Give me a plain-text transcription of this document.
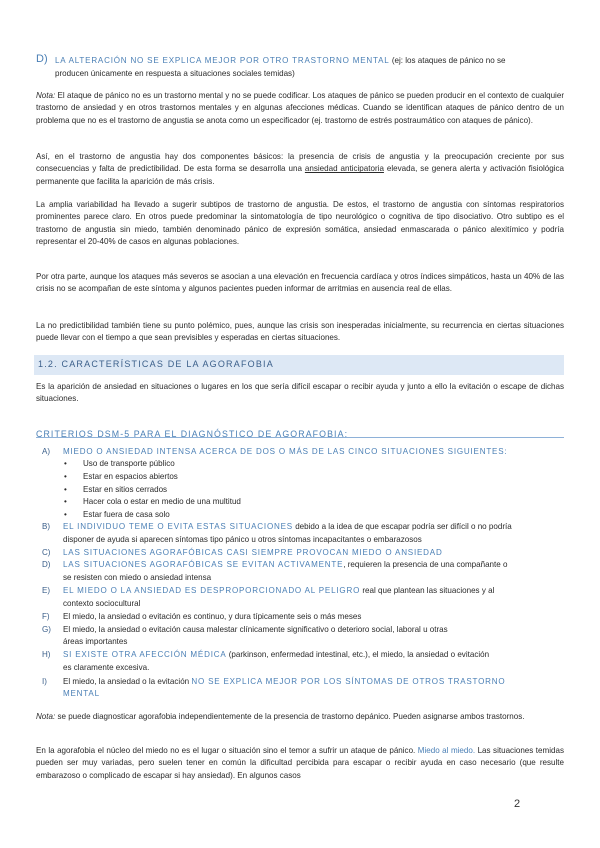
D) LA ALTERACIÓN NO SE EXPLICA MEJOR POR OTRO TRASTORNO MENTAL (ej: los ataques de pánico no se
producen únicamente en respuesta a situaciones sociales temidas)
Nota: El ataque de pánico no es un trastorno mental y no se puede codificar. Los ataques de pánico se pueden producir en el contexto de cualquier trastorno de ansiedad y en otros trastornos mentales y en algunas afecciones médicas. Cuando se identifican ataques de pánico dentro de un problema que no es el trastorno de angustia se anota como un especificador (ej. trastorno de estrés postraumático con ataques de pánico).
Así, en el trastorno de angustia hay dos componentes básicos: la presencia de crisis de angustia y la preocupación creciente por sus consecuencias y falta de predictibilidad. De esta forma se desarrolla una ansiedad anticipatoria elevada, se genera alerta y activación fisiológica permanente que facilita la aparición de más crisis.
La amplia variabilidad ha llevado a sugerir subtipos de trastorno de angustia. De estos, el trastorno de angustia con síntomas respiratorios prominentes parece claro. En otros puede predominar la sintomatología de tipo neurológico o cognitiva de tipo disociativo. Otro subtipo es el trastorno de angustia sin miedo, también denominado pánico de expresión somática, ansiedad enmascarada o pánico alexitímico y podría representar el 20-40% de casos en algunas poblaciones.
Por otra parte, aunque los ataques más severos se asocian a una elevación en frecuencia cardíaca y otros índices simpáticos, hasta un 40% de las crisis no se acompañan de este síntoma y algunos pacientes pueden informar de arritmias en ausencia real de ellas.
La no predictibilidad también tiene su punto polémico, pues, aunque las crisis son inesperadas inicialmente, su recurrencia en ciertas situaciones puede llevar con el tiempo a que sean previsibles y esperadas en ciertas situaciones.
1.2. CARACTERÍSTICAS DE LA AGORAFOBIA
Es la aparición de ansiedad en situaciones o lugares en los que sería difícil escapar o recibir ayuda y junto a ello la evitación o escape de dichas situaciones.
CRITERIOS DSM-5 PARA EL DIAGNÓSTICO DE AGORAFOBIA:
A) MIEDO O ANSIEDAD INTENSA ACERCA DE DOS O MÁS DE LAS CINCO SITUACIONES SIGUIENTES:
• Uso de transporte público
• Estar en espacios abiertos
• Estar en sitios cerrados
• Hacer cola o estar en medio de una multitud
• Estar fuera de casa solo
B) EL INDIVIDUO TEME O EVITA ESTAS SITUACIONES debido a la idea de que escapar podría ser difícil o no podría
disponer de ayuda si aparecen síntomas tipo pánico u otros síntomas incapacitantes o embarazosos
C) LAS SITUACIONES AGORAFÓBICAS CASI SIEMPRE PROVOCAN MIEDO O ANSIEDAD
D) LAS SITUACIONES AGORAFÓBICAS SE EVITAN ACTIVAMENTE, requieren la presencia de una compañante o
se resisten con miedo o ansiedad intensa
E) EL MIEDO O LA ANSIEDAD ES DESPROPORCIONADO AL PELIGRO real que plantean las situaciones y al
contexto sociocultural
F) El miedo, la ansiedad o evitación es continuo, y dura típicamente seis o más meses
G) El miedo, la ansiedad o evitación causa malestar clínicamente significativo o deterioro social, laboral u otras
áreas importantes
H) SI EXISTE OTRA AFECCIÓN MÉDICA (parkinson, enfermedad intestinal, etc.), el miedo, la ansiedad o evitación
es claramente excesiva.
I) El miedo, la ansiedad o la evitación NO SE EXPLICA MEJOR POR LOS SÍNTOMAS DE OTROS TRASTORNO
MENTAL
Nota: se puede diagnosticar agorafobia independientemente de la presencia de trastorno depánico. Pueden asignarse ambos trastornos.
En la agorafobia el núcleo del miedo no es el lugar o situación sino el temor a sufrir un ataque de pánico. Miedo al miedo. Las situaciones temidas pueden ser muy variadas, pero suelen tener en común la dificultad percibida para escapar o recibir ayuda en caso necesario (que resulte embarazoso o complicado de escapar si hay ansiedad). En algunos casos
2
